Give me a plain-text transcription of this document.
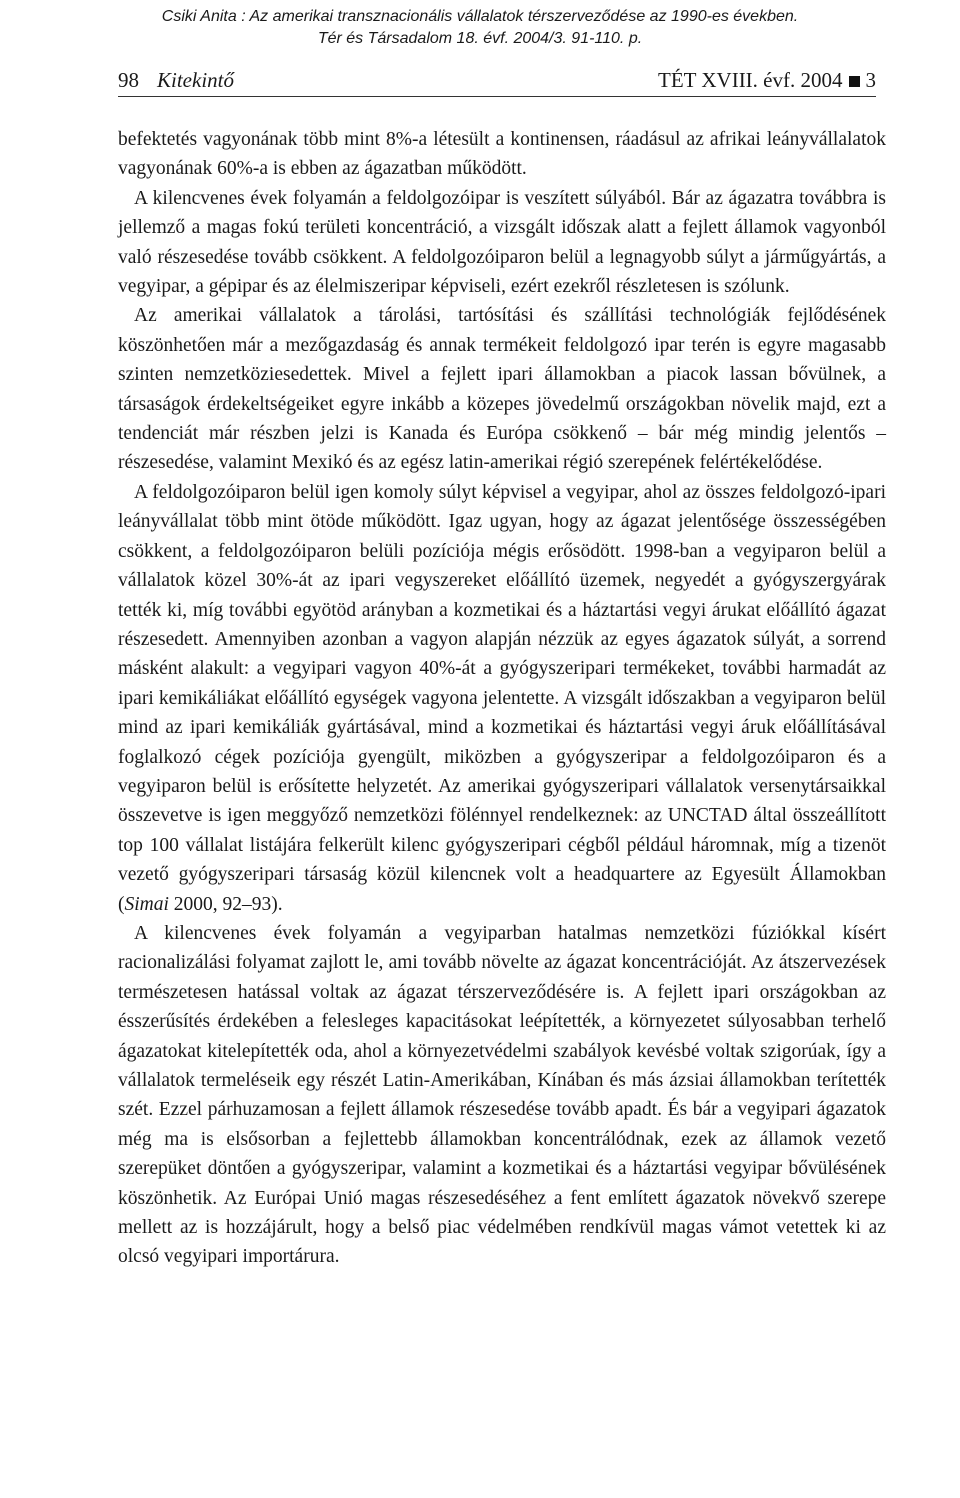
Csiki Anita : Az amerikai transznacionális vállalatok térszerveződése az 1990-es években.
Tér és Társadalom 18. évf. 2004/3. 91-110. p.
98 Kitekintő	TÉT XVIII. évf. 2004 3

befektetés vagyonának több mint 8%-a létesült a kontinensen, ráadásul az afrikai leányvállalatok vagyonának 60%-a is ebben az ágazatban működött.

A kilencvenes évek folyamán a feldolgozóipar is veszített súlyából. Bár az ágazatra továbbra is jellemző a magas fokú területi koncentráció, a vizsgált időszak alatt a fejlett államok vagyonból való részesedése tovább csökkent. A feldolgozóiparon belül a legnagyobb súlyt a járműgyártás, a vegyipar, a gépipar és az élelmiszeripar képviseli, ezért ezekről részletesen is szólunk.

Az amerikai vállalatok a tárolási, tartósítási és szállítási technológiák fejlődésének köszönhetően már a mezőgazdaság és annak termékeit feldolgozó ipar terén is egyre magasabb szinten nemzetköziesedettek. Mivel a fejlett ipari államokban a piacok lassan bővülnek, a társaságok érdekeltségeiket egyre inkább a közepes jövedelmű országokban növelik majd, ezt a tendenciát már részben jelzi is Kanada és Európa csökkenő – bár még mindig jelentős – részesedése, valamint Mexikó és az egész latin-amerikai régió szerepének felértékelődése.

A feldolgozóiparon belül igen komoly súlyt képvisel a vegyipar, ahol az összes feldolgozó-ipari leányvállalat több mint ötöde működött. Igaz ugyan, hogy az ágazat jelentősége összességében csökkent, a feldolgozóiparon belüli pozíciója mégis erősödött. 1998-ban a vegyiparon belül a vállalatok közel 30%-át az ipari vegyszereket előállító üzemek, negyedét a gyógyszergyárak tették ki, míg további egyötöd arányban a kozmetikai és a háztartási vegyi árukat előállító ágazat részesedett. Amennyiben azonban a vagyon alapján nézzük az egyes ágazatok súlyát, a sorrend másként alakult: a vegyipari vagyon 40%-át a gyógyszeripari termékeket, további harmadát az ipari kemikáliákat előállító egységek vagyona jelentette. A vizsgált időszakban a vegyiparon belül mind az ipari kemikáliák gyártásával, mind a kozmetikai és háztartási vegyi áruk előállításával foglalkozó cégek pozíciója gyengült, miközben a gyógyszeripar a feldolgozóiparon és a vegyiparon belül is erősítette helyzetét. Az amerikai gyógyszeripari vállalatok versenytársaikkal összevetve is igen meggyőző nemzetközi fölénnyel rendelkeznek: az UNCTAD által összeállított top 100 vállalat listájára felkerült kilenc gyógyszeripari cégből például háromnak, míg a tizenöt vezető gyógyszeripari társaság közül kilencnek volt a headquartere az Egyesült Államokban (Simai 2000, 92–93).

A kilencvenes évek folyamán a vegyiparban hatalmas nemzetközi fúziókkal kísért racionalizálási folyamat zajlott le, ami tovább növelte az ágazat koncentrációját. Az átszervezések természetesen hatással voltak az ágazat térszerveződésére is. A fejlett ipari országokban az ésszerűsítés érdekében a felesleges kapacitásokat leépítették, a környezetet súlyosabban terhelő ágazatokat kitelepítették oda, ahol a környezetvédelmi szabályok kevésbé voltak szigorúak, így a vállalatok termeléseik egy részét Latin-Amerikában, Kínában és más ázsiai államokban terítették szét. Ezzel párhuzamosan a fejlett államok részesedése tovább apadt. És bár a vegyipari ágazatok még ma is elsősorban a fejlettebb államokban koncentrálódnak, ezek az államok vezető szerepüket döntően a gyógyszeripar, valamint a kozmetikai és a háztartási vegyipar bővülésének köszönhetik. Az Európai Unió magas részesedéséhez a fent említett ágazatok növekvő szerepe mellett az is hozzájárult, hogy a belső piac védelmében rendkívül magas vámot vetettek ki az olcsó vegyipari importárura.
